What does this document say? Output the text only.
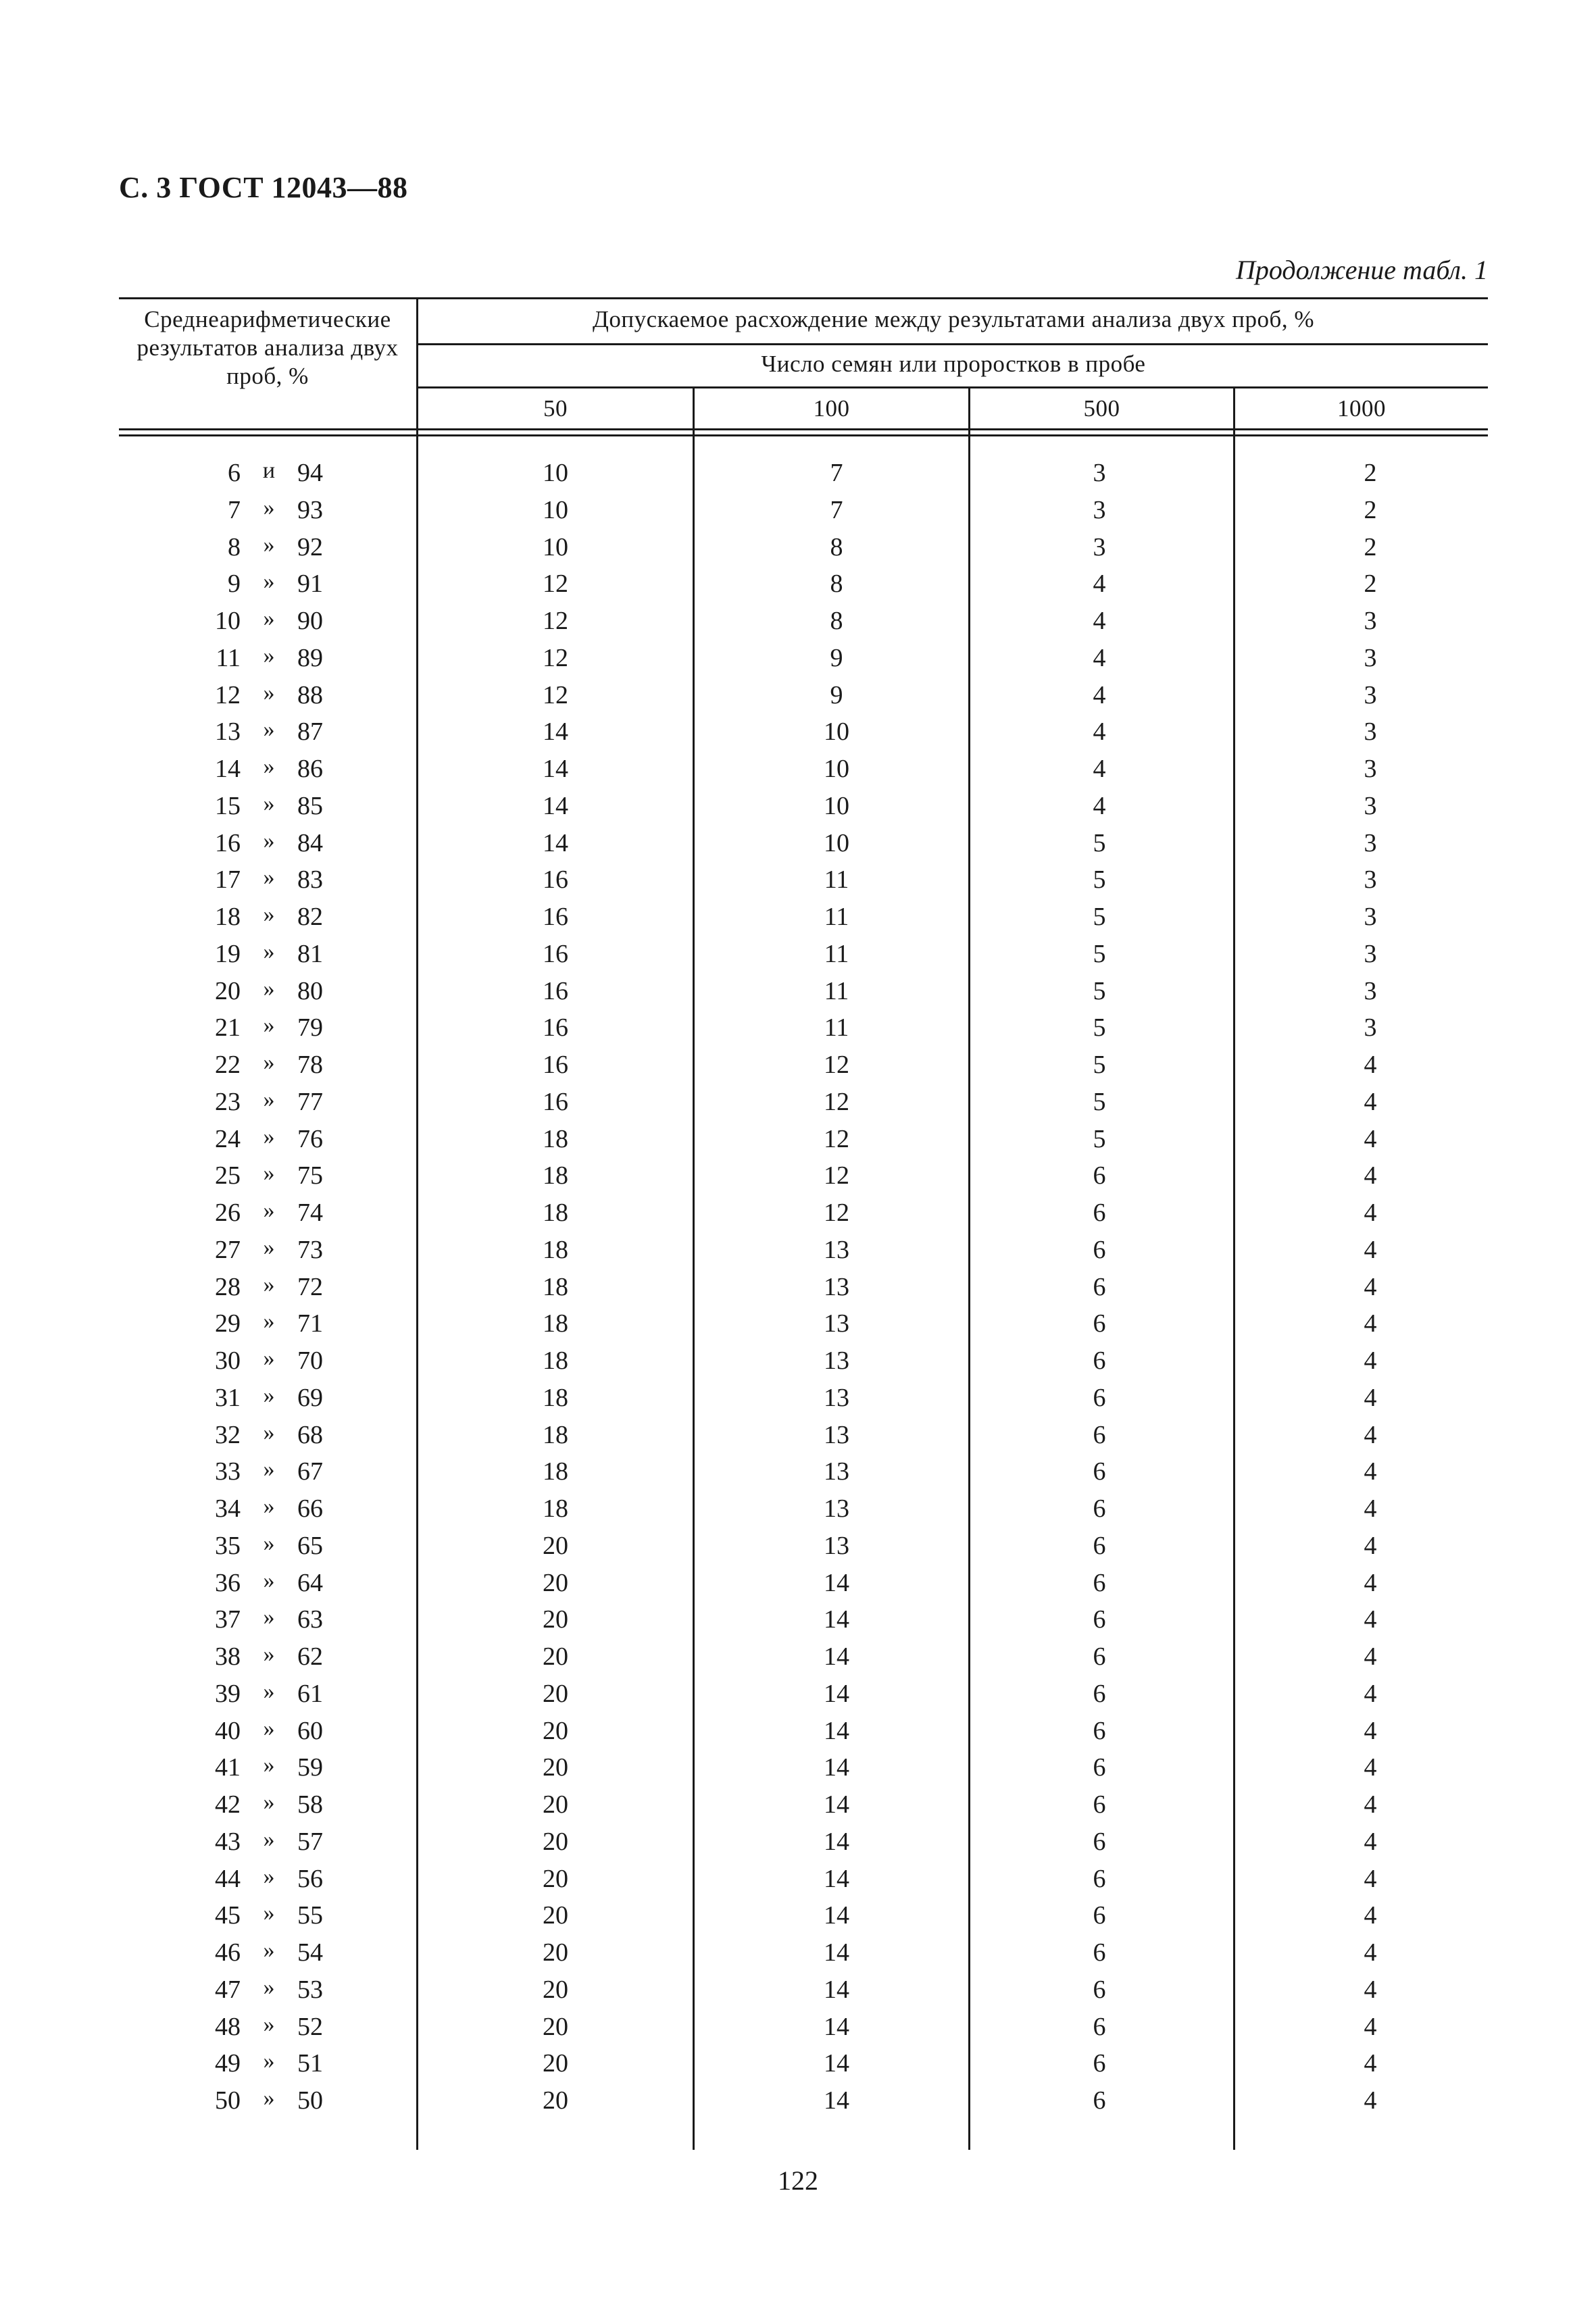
С. 3 ГОСТ 12043—88
Продолжение табл. 1
Среднеарифметические
результатов анализа двух
проб, %
Допускаемое расхождение между результатами анализа двух проб, %
Число семян или проростков в пробе
50	100	500	1000
6 и 94	10	7	3	2
7 » 93	10	7	3	2
8 » 92	10	8	3	2
9 » 91	12	8	4	2
10 » 90	12	8	4	3
11 » 89	12	9	4	3
12 » 88	12	9	4	3
13 » 87	14	10	4	3
14 » 86	14	10	4	3
15 » 85	14	10	4	3
16 » 84	14	10	5	3
17 » 83	16	11	5	3
18 » 82	16	11	5	3
19 » 81	16	11	5	3
20 » 80	16	11	5	3
21 » 79	16	11	5	3
22 » 78	16	12	5	4
23 » 77	16	12	5	4
24 » 76	18	12	5	4
25 » 75	18	12	6	4
26 » 74	18	12	6	4
27 » 73	18	13	6	4
28 » 72	18	13	6	4
29 » 71	18	13	6	4
30 » 70	18	13	6	4
31 » 69	18	13	6	4
32 » 68	18	13	6	4
33 » 67	18	13	6	4
34 » 66	18	13	6	4
35 » 65	20	13	6	4
36 » 64	20	14	6	4
37 » 63	20	14	6	4
38 » 62	20	14	6	4
39 » 61	20	14	6	4
40 » 60	20	14	6	4
41 » 59	20	14	6	4
42 » 58	20	14	6	4
43 » 57	20	14	6	4
44 » 56	20	14	6	4
45 » 55	20	14	6	4
46 » 54	20	14	6	4
47 » 53	20	14	6	4
48 » 52	20	14	6	4
49 » 51	20	14	6	4
50 » 50	20	14	6	4
122
